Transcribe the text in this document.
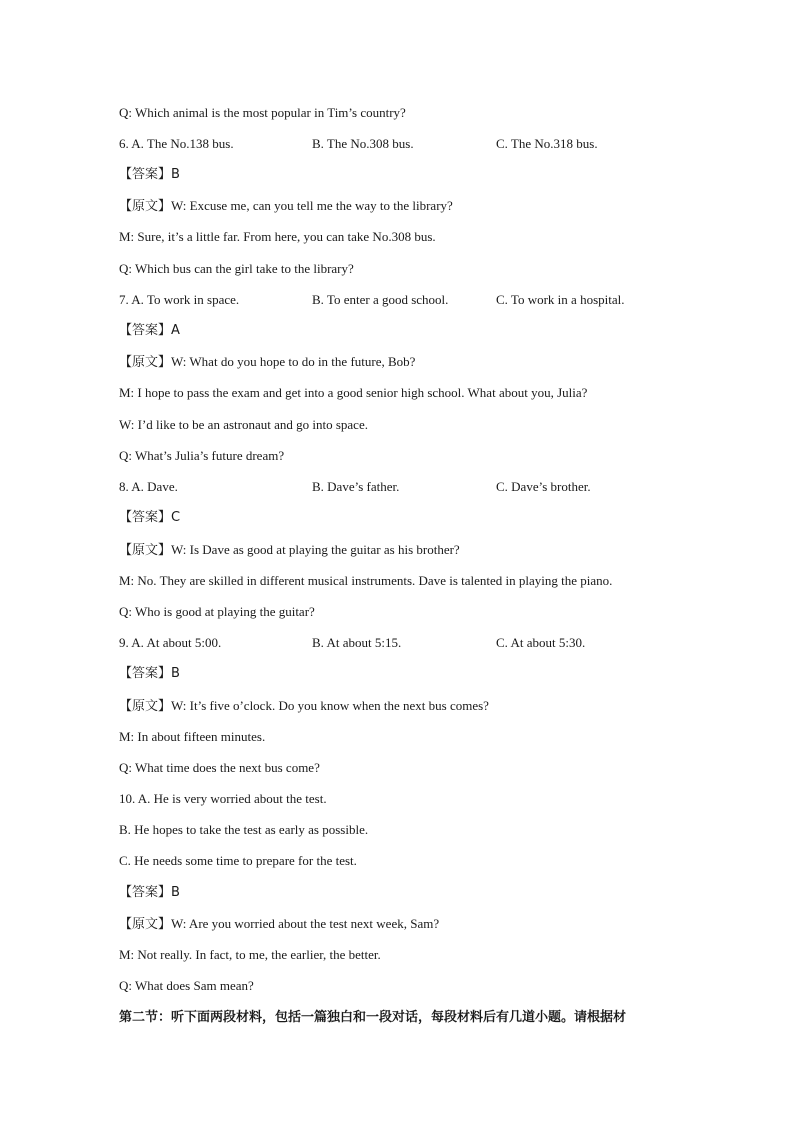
Q: Which animal is the most popular in Tim’s country?
6. A. The No.138 bus.	B. The No.308 bus.	C. The No.318 bus.
【答案】B
【原文】W: Excuse me, can you tell me the way to the library?
M: Sure, it’s a little far. From here, you can take No.308 bus.
Q: Which bus can the girl take to the library?
7. A. To work in space.	B. To enter a good school.	C. To work in a hospital.
【答案】A
【原文】W: What do you hope to do in the future, Bob?
M: I hope to pass the exam and get into a good senior high school. What about you, Julia?
W: I’d like to be an astronaut and go into space.
Q: What’s Julia’s future dream?
8. A. Dave.	B. Dave’s father.	C. Dave’s brother.
【答案】C
【原文】W: Is Dave as good at playing the guitar as his brother?
M: No. They are skilled in different musical instruments. Dave is talented in playing the piano.
Q: Who is good at playing the guitar?
9. A. At about 5:00.	B. At about 5:15.	C. At about 5:30.
【答案】B
【原文】W: It’s five o’clock. Do you know when the next bus comes?
M: In about fifteen minutes.
Q: What time does the next bus come?
10. A. He is very worried about the test.
B. He hopes to take the test as early as possible.
C. He needs some time to prepare for the test.
【答案】B
【原文】W: Are you worried about the test next week, Sam?
M: Not really. In fact, to me, the earlier, the better.
Q: What does Sam mean?
第二节：听下面两段材料，包括一篇独白和一段对话，每段材料后有几道小题。请根据材
